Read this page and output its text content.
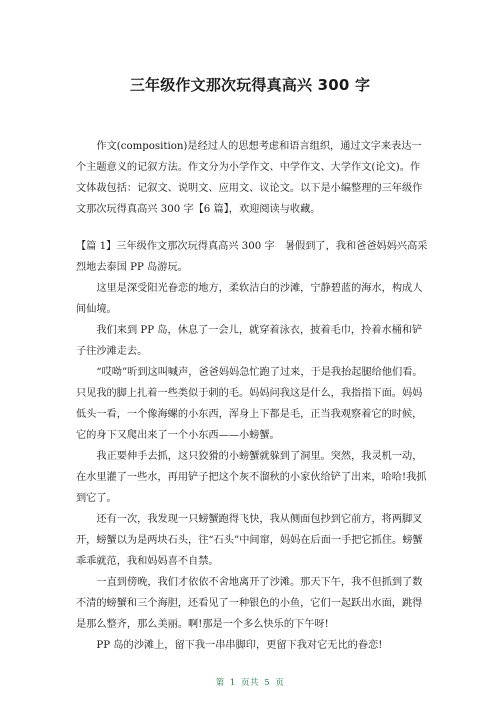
三年级作文那次玩得真高兴 300 字
作文(composition)是经过人的思想考虑和语言组织，通过文字来表达一个主题意义的记叙方法。作文分为小学作文、中学作文、大学作文(论文)。作文体裁包括：记叙文、说明文、应用文、议论文。以下是小编整理的三年级作文那次玩得真高兴 300 字【6 篇】，欢迎阅读与收藏。

【篇 1】三年级作文那次玩得真高兴 300 字　暑假到了，我和爸爸妈妈兴高采烈地去泰国 PP 岛游玩。

这里是深受阳光眷恋的地方，柔软洁白的沙滩，宁静碧蓝的海水，构成人间仙境。

我们来到 PP 岛，休息了一会儿，就穿着泳衣，披着毛巾，拎着水桶和铲子往沙滩走去。

“哎呦”听到这叫喊声，爸爸妈妈急忙跑了过来，于是我抬起腿给他们看。只见我的脚上扎着一些类似于刺的毛。妈妈问我这是什么，我指指下面。妈妈低头一看，一个像海螺的小东西，浑身上下都是毛，正当我观察着它的时候，它的身下又爬出来了一个小东西——小螃蟹。

我正要伸手去抓，这只狡猾的小螃蟹就躲到了洞里。突然，我灵机一动，在水里灌了一些水，再用铲子把这个灰不溜秋的小家伙给铲了出来，哈哈!我抓到它了。

还有一次，我发现一只螃蟹跑得飞快，我从侧面包抄到它前方，将两脚叉开，螃蟹以为是两块石头，往“石头”中间窜，妈妈在后面一手把它抓住。螃蟹乖乖就范，我和妈妈喜不自禁。

一直到傍晚，我们才依依不舍地离开了沙滩。那天下午，我不但抓到了数不清的螃蟹和三个海胆，还看见了一种银色的小鱼，它们一起跃出水面，跳得是那么整齐，那么美丽。啊!那是一个多么快乐的下午呀!

PP 岛的沙滩上，留下我一串串脚印，更留下我对它无比的眷恋!

第 1 页共 5 页
